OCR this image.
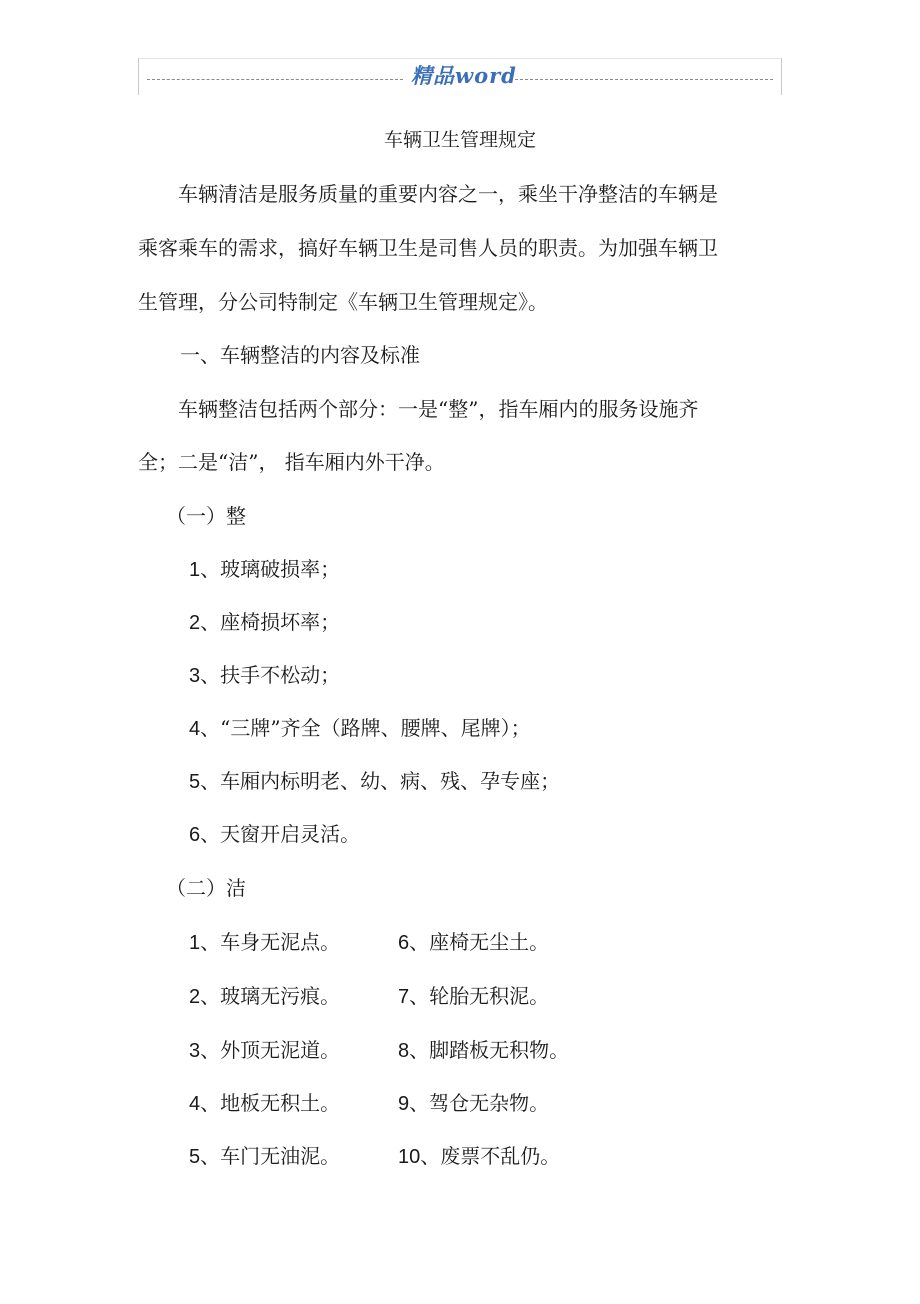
精品word
车辆卫生管理规定
车辆清洁是服务质量的重要内容之一，乘坐干净整洁的车辆是
乘客乘车的需求，搞好车辆卫生是司售人员的职责。为加强车辆卫
生管理，分公司特制定《车辆卫生管理规定》。
一、车辆整洁的内容及标准
车辆整洁包括两个部分：一是“整”，指车厢内的服务设施齐
全；二是“洁”， 指车厢内外干净。
（一）整
1、玻璃破损率；
2、座椅损坏率；
3、扶手不松动；
4、“三牌”齐全（路牌、腰牌、尾牌）；
5、车厢内标明老、幼、病、残、孕专座；
6、天窗开启灵活。
（二）洁
1、车身无泥点。
2、玻璃无污痕。
3、外顶无泥道。
4、地板无积土。
5、车门无油泥。
6、座椅无尘土。
7、轮胎无积泥。
8、脚踏板无积物。
9、驾仓无杂物。
10、废票不乱仍。
